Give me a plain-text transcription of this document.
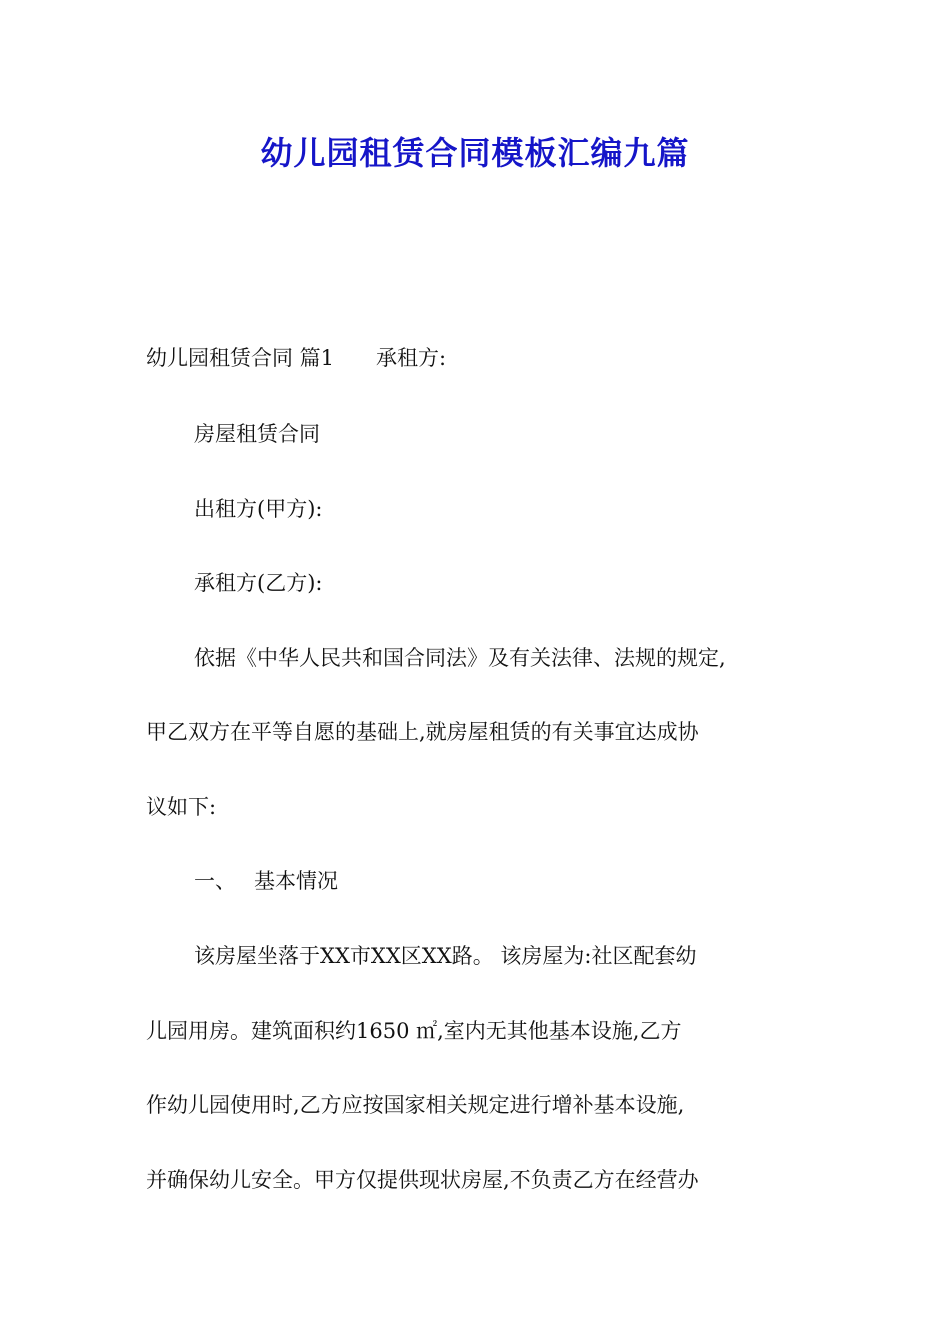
幼儿园租赁合同模板汇编九篇

幼儿园租赁合同 篇1 承租方:

房屋租赁合同

出租方(甲方):

承租方(乙方):

依据《中华人民共和国合同法》及有关法律、法规的规定,

甲乙双方在平等自愿的基础上,就房屋租赁的有关事宜达成协

议如下:

一、 基本情况

该房屋坐落于XX市XX区XX路。 该房屋为:社区配套幼

儿园用房。建筑面积约1650 ㎡,室内无其他基本设施,乙方

作幼儿园使用时,乙方应按国家相关规定进行增补基本设施,

并确保幼儿安全。甲方仅提供现状房屋,不负责乙方在经营办
